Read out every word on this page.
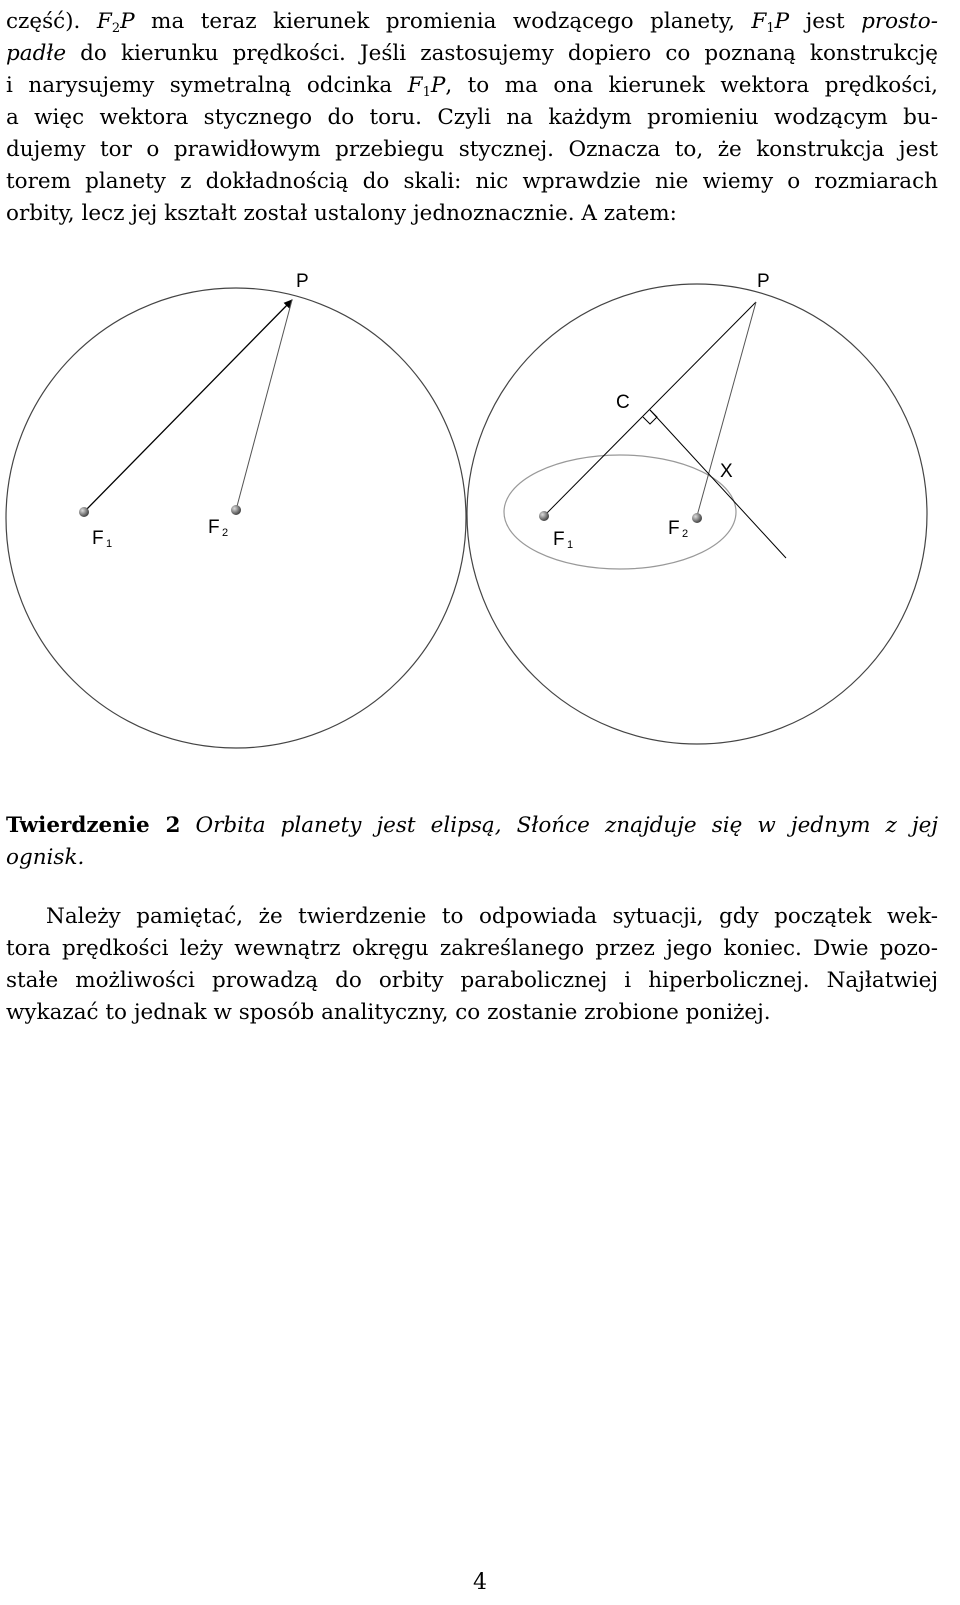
część). $F_2P$ ma teraz kierunek promienia wodzącego planety, $F_1P$ jest prosto-
padłe do kierunku prędkości. Jeśli zastosujemy dopiero co poznaną konstrukcję
i narysujemy symetralną odcinka $F_1P$, to ma ona kierunek wektora prędkości,
a więc wektora stycznego do toru. Czyli na każdym promieniu wodzącym bu-
dujemy tor o prawidłowym przebiegu stycznej. Oznacza to, że konstrukcja jest
torem planety z dokładnością do skali: nic wprawdzie nie wiemy o rozmiarach
orbity, lecz jej kształt został ustalony jednoznacznie. A zatem:
P
F 1
F 2
P
C
X
F 1
F 2
Twierdzenie 2 Orbita planety jest elipsą, Słońce znajduje się w jednym z jej
ognisk.
Należy pamiętać, że twierdzenie to odpowiada sytuacji, gdy początek wek-
tora prędkości leży wewnątrz okręgu zakreślanego przez jego koniec. Dwie pozo-
stałe możliwości prowadzą do orbity parabolicznej i hiperbolicznej. Najłatwiej
wykazać to jednak w sposób analityczny, co zostanie zrobione poniżej.
4
